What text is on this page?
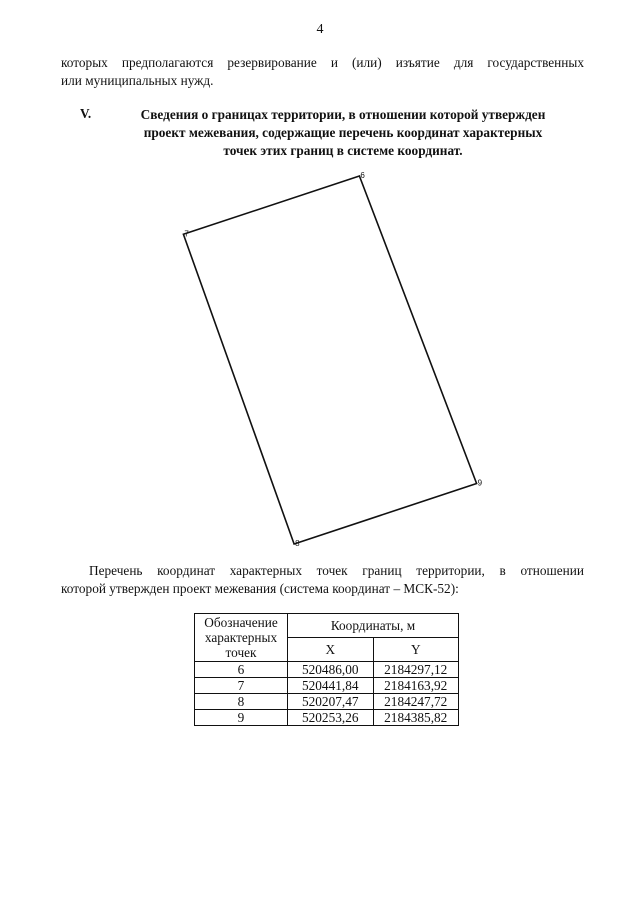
4
которых предполагаются резервирование и (или) изъятие для государственных
или муниципальных нужд.
V.	Сведения о границах территории, в отношении которой утвержден
проект межевания, содержащие перечень координат характерных
точек этих границ в системе координат.
6
7
8
9
Перечень координат характерных точек границ территории, в отношении
которой утвержден проект межевания (система координат – МСК-52):
Обозначение характерных точек	Координаты, м	
	X	Y
6	520486,00	2184297,12
7	520441,84	2184163,92
8	520207,47	2184247,72
9	520253,26	2184385,82
